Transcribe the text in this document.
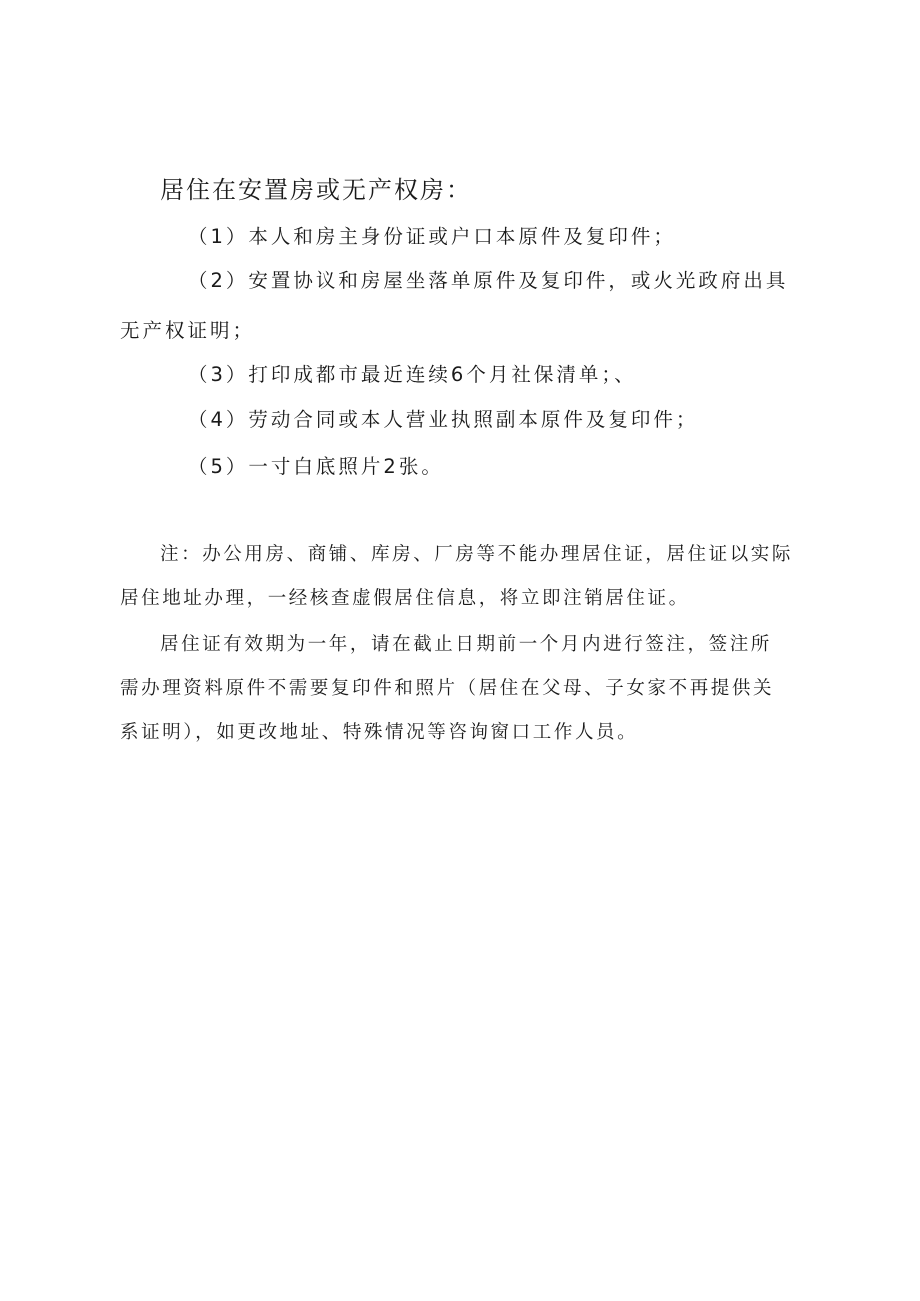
居住在安置房或无产权房：
（1）本人和房主身份证或户口本原件及复印件；
（2）安置协议和房屋坐落单原件及复印件，或火光政府出具
无产权证明；
（3）打印成都市最近连续6个月社保清单；、
（4）劳动合同或本人营业执照副本原件及复印件；
（5）一寸白底照片2张。
注：办公用房、商铺、库房、厂房等不能办理居住证，居住证以实际
居住地址办理，一经核查虚假居住信息，将立即注销居住证。
居住证有效期为一年，请在截止日期前一个月内进行签注，签注所
需办理资料原件不需要复印件和照片（居住在父母、子女家不再提供关
系证明），如更改地址、特殊情况等咨询窗口工作人员。
